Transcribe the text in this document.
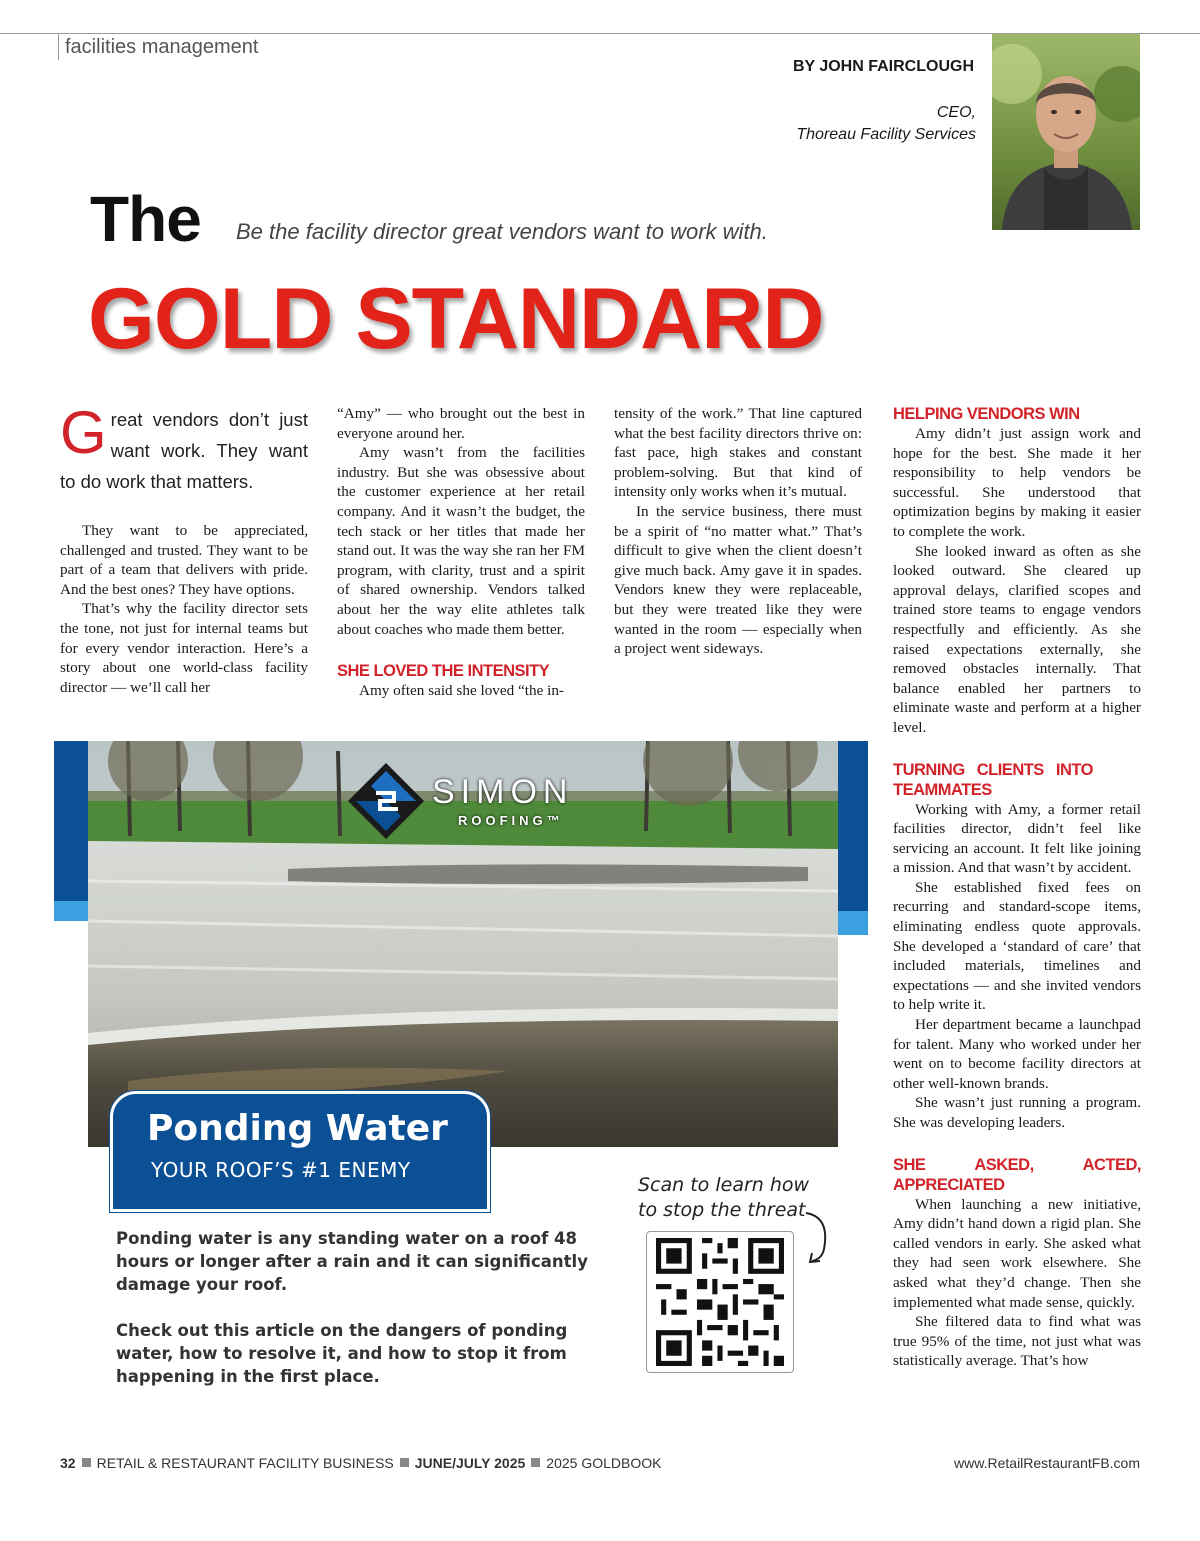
facilities management
BY JOHN FAIRCLOUGH
CEO,
Thoreau Facility Services
The Be the facility director great vendors want to work with.
GOLD STANDARD
Great vendors don’t just want work. They want to do work that matters.

They want to be appreciated, challenged and trusted. They want to be part of a team that delivers with pride. And the best ones? They have options.

That’s why the facility director sets the tone, not just for internal teams but for every vendor interaction. Here’s a story about one world-class facility director — we’ll call her

“Amy” — who brought out the best in everyone around her.

Amy wasn’t from the facilities industry. But she was obsessive about the customer experience at her retail company. And it wasn’t the budget, the tech stack or her titles that made her stand out. It was the way she ran her FM program, with clarity, trust and a spirit of shared ownership. Vendors talked about her the way elite athletes talk about coaches who made them better.

SHE LOVED THE INTENSITY

Amy often said she loved “the in-

tensity of the work.” That line captured what the best facility directors thrive on: fast pace, high stakes and constant problem-solving. But that kind of intensity only works when it’s mutual.

In the service business, there must be a spirit of “no matter what.” That’s difficult to give when the client doesn’t give much back. Amy gave it in spades. Vendors knew they were replaceable, but they were treated like they were wanted in the room — especially when a project went sideways.

HELPING VENDORS WIN

Amy didn’t just assign work and hope for the best. She made it her responsibility to help vendors be successful. She understood that optimization begins by making it easier to complete the work.

She looked inward as often as she looked outward. She cleared up approval delays, clarified scopes and trained store teams to engage vendors respectfully and efficiently. As she raised expectations externally, she removed obstacles internally. That balance enabled her partners to eliminate waste and perform at a higher level.

TURNING CLIENTS INTO TEAMMATES

Working with Amy, a former retail facilities director, didn’t feel like servicing an account. It felt like joining a mission. And that wasn’t by accident.

She established fixed fees on recurring and standard-scope items, eliminating endless quote approvals. She developed a ‘standard of care’ that included materials, timelines and expectations — and she invited vendors to help write it.

Her department became a launchpad for talent. Many who worked under her went on to become facility directors at other well-known brands.

She wasn’t just running a program. She was developing leaders.

SHE ASKED, ACTED, APPRECIATED

When launching a new initiative, Amy didn’t hand down a rigid plan. She called vendors in early. She asked what they had seen work elsewhere. She asked what they’d change. Then she implemented what made sense, quickly.

She filtered data to find what was true 95% of the time, not just what was statistically average. That’s how

SIMON
ROOFING™
Ponding Water
YOUR ROOF’S #1 ENEMY

Ponding water is any standing water on a roof 48 hours or longer after a rain and it can significantly damage your roof.

Check out this article on the dangers of ponding water, how to resolve it, and how to stop it from happening in the first place.

Scan to learn how
to stop the threat
32 RETAIL & RESTAURANT FACILITY BUSINESS JUNE/JULY 2025 2025 GOLDBOOK	www.RetailRestaurantFB.com
